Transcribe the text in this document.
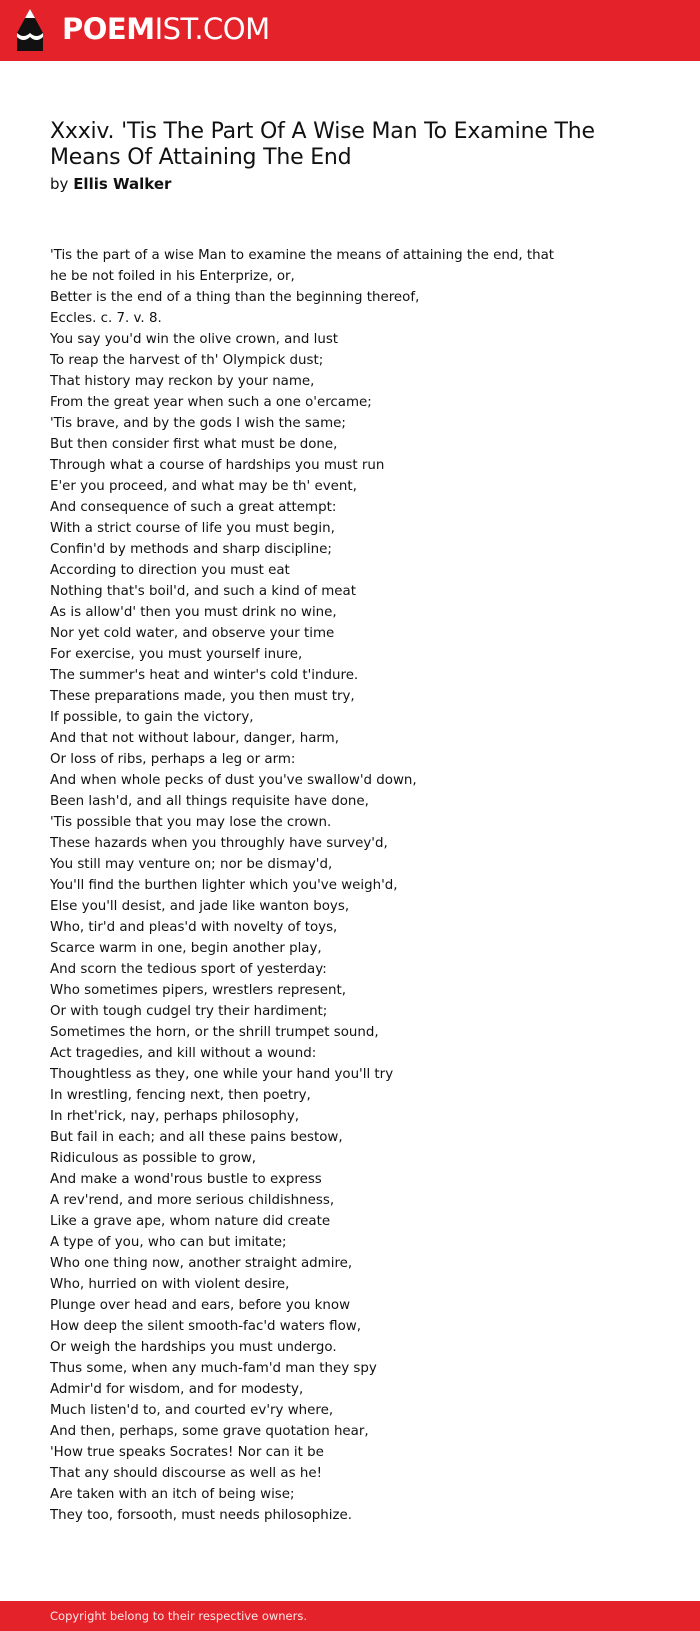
POEMIST.COM
Xxxiv. 'Tis The Part Of A Wise Man To Examine The Means Of Attaining The End
by Ellis Walker
'Tis the part of a wise Man to examine the means of attaining the end, that
he be not foiled in his Enterprize, or,
Better is the end of a thing than the beginning thereof,
Eccles. c. 7. v. 8.
You say you'd win the olive crown, and lust
To reap the harvest of th' Olympick dust;
That history may reckon by your name,
From the great year when such a one o'ercame;
'Tis brave, and by the gods I wish the same;
But then consider first what must be done,
Through what a course of hardships you must run
E'er you proceed, and what may be th' event,
And consequence of such a great attempt:
With a strict course of life you must begin,
Confin'd by methods and sharp discipline;
According to direction you must eat
Nothing that's boil'd, and such a kind of meat
As is allow'd' then you must drink no wine,
Nor yet cold water, and observe your time
For exercise, you must yourself inure,
The summer's heat and winter's cold t'indure.
These preparations made, you then must try,
If possible, to gain the victory,
And that not without labour, danger, harm,
Or loss of ribs, perhaps a leg or arm:
And when whole pecks of dust you've swallow'd down,
Been lash'd, and all things requisite have done,
'Tis possible that you may lose the crown.
These hazards when you throughly have survey'd,
You still may venture on; nor be dismay'd,
You'll find the burthen lighter which you've weigh'd,
Else you'll desist, and jade like wanton boys,
Who, tir'd and pleas'd with novelty of toys,
Scarce warm in one, begin another play,
And scorn the tedious sport of yesterday:
Who sometimes pipers, wrestlers represent,
Or with tough cudgel try their hardiment;
Sometimes the horn, or the shrill trumpet sound,
Act tragedies, and kill without a wound:
Thoughtless as they, one while your hand you'll try
In wrestling, fencing next, then poetry,
In rhet'rick, nay, perhaps philosophy,
But fail in each; and all these pains bestow,
Ridiculous as possible to grow,
And make a wond'rous bustle to express
A rev'rend, and more serious childishness,
Like a grave ape, whom nature did create
A type of you, who can but imitate;
Who one thing now, another straight admire,
Who, hurried on with violent desire,
Plunge over head and ears, before you know
How deep the silent smooth-fac'd waters flow,
Or weigh the hardships you must undergo.
Thus some, when any much-fam'd man they spy
Admir'd for wisdom, and for modesty,
Much listen'd to, and courted ev'ry where,
And then, perhaps, some grave quotation hear,
'How true speaks Socrates! Nor can it be
That any should discourse as well as he!
Are taken with an itch of being wise;
They too, forsooth, must needs philosophize.
Copyright belong to their respective owners.
